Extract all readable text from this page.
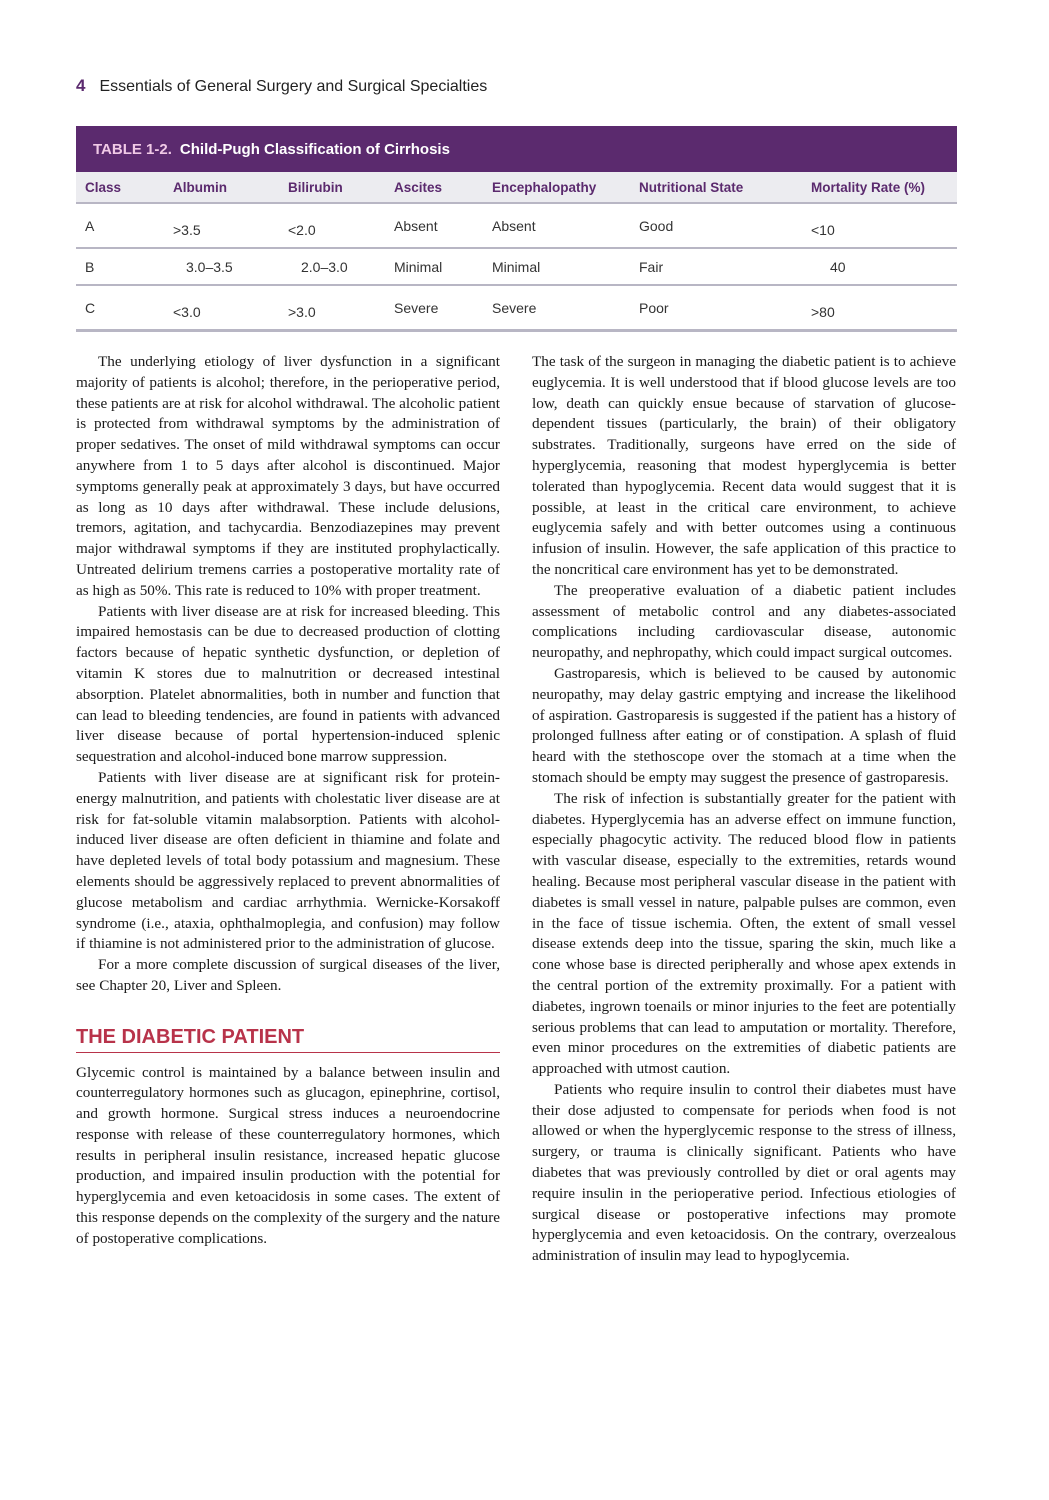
4 Essentials of General Surgery and Surgical Specialties
TABLE 1-2. Child-Pugh Classification of Cirrhosis
Class	Albumin	Bilirubin	Ascites	Encephalopathy	Nutritional State	Mortality Rate (%)
A	>3.5	<2.0	Absent	Absent	Good	<10
B	3.0–3.5	2.0–3.0	Minimal	Minimal	Fair	40
C	<3.0	>3.0	Severe	Severe	Poor	>80

The underlying etiology of liver dysfunction in a significant majority of patients is alcohol; therefore, in the perioperative period, these patients are at risk for alcohol withdrawal. The alcoholic patient is protected from withdrawal symptoms by the administration of proper sedatives. The onset of mild withdrawal symptoms can occur anywhere from 1 to 5 days after alcohol is discontinued. Major symptoms generally peak at approximately 3 days, but have occurred as long as 10 days after withdrawal. These include delusions, tremors, agitation, and tachycardia. Benzodiazepines may prevent major withdrawal symptoms if they are instituted prophylactically. Untreated delirium tremens carries a postoperative mortality rate of as high as 50%. This rate is reduced to 10% with proper treatment.

Patients with liver disease are at risk for increased bleeding. This impaired hemostasis can be due to decreased production of clotting factors because of hepatic synthetic dysfunction, or depletion of vitamin K stores due to malnutrition or decreased intestinal absorption. Platelet abnormalities, both in number and function that can lead to bleeding tendencies, are found in patients with advanced liver disease because of portal hypertension-induced splenic sequestration and alcohol-induced bone marrow suppression.

Patients with liver disease are at significant risk for protein-energy malnutrition, and patients with cholestatic liver disease are at risk for fat-soluble vitamin malabsorption. Patients with alcohol-induced liver disease are often deficient in thiamine and folate and have depleted levels of total body potassium and magnesium. These elements should be aggressively replaced to prevent abnormalities of glucose metabolism and cardiac arrhythmia. Wernicke-Korsakoff syndrome (i.e., ataxia, ophthalmoplegia, and confusion) may follow if thiamine is not administered prior to the administration of glucose.

For a more complete discussion of surgical diseases of the liver, see Chapter 20, Liver and Spleen.

THE DIABETIC PATIENT

Glycemic control is maintained by a balance between insulin and counterregulatory hormones such as glucagon, epinephrine, cortisol, and growth hormone. Surgical stress induces a neuroendocrine response with release of these counterregulatory hormones, which results in peripheral insulin resistance, increased hepatic glucose production, and impaired insulin production with the potential for hyperglycemia and even ketoacidosis in some cases. The extent of this response depends on the complexity of the surgery and the nature of postoperative complications.

The task of the surgeon in managing the diabetic patient is to achieve euglycemia. It is well understood that if blood glucose levels are too low, death can quickly ensue because of starvation of glucose-dependent tissues (particularly, the brain) of their obligatory substrates. Traditionally, surgeons have erred on the side of hyperglycemia, reasoning that modest hyperglycemia is better tolerated than hypoglycemia. Recent data would suggest that it is possible, at least in the critical care environment, to achieve euglycemia safely and with better outcomes using a continuous infusion of insulin. However, the safe application of this practice to the noncritical care environment has yet to be demonstrated.

The preoperative evaluation of a diabetic patient includes assessment of metabolic control and any diabetes-associated complications including cardiovascular disease, autonomic neuropathy, and nephropathy, which could impact surgical outcomes.

Gastroparesis, which is believed to be caused by autonomic neuropathy, may delay gastric emptying and increase the likelihood of aspiration. Gastroparesis is suggested if the patient has a history of prolonged fullness after eating or of constipation. A splash of fluid heard with the stethoscope over the stomach at a time when the stomach should be empty may suggest the presence of gastroparesis.

The risk of infection is substantially greater for the patient with diabetes. Hyperglycemia has an adverse effect on immune function, especially phagocytic activity. The reduced blood flow in patients with vascular disease, especially to the extremities, retards wound healing. Because most peripheral vascular disease in the patient with diabetes is small vessel in nature, palpable pulses are common, even in the face of tissue ischemia. Often, the extent of small vessel disease extends deep into the tissue, sparing the skin, much like a cone whose base is directed peripherally and whose apex extends in the central portion of the extremity proximally. For a patient with diabetes, ingrown toenails or minor injuries to the feet are potentially serious problems that can lead to amputation or mortality. Therefore, even minor procedures on the extremities of diabetic patients are approached with utmost caution.

Patients who require insulin to control their diabetes must have their dose adjusted to compensate for periods when food is not allowed or when the hyperglycemic response to the stress of illness, surgery, or trauma is clinically significant. Patients who have diabetes that was previously controlled by diet or oral agents may require insulin in the perioperative period. Infectious etiologies of surgical disease or postoperative infections may promote hyperglycemia and even ketoacidosis. On the contrary, overzealous administration of insulin may lead to hypoglycemia.
